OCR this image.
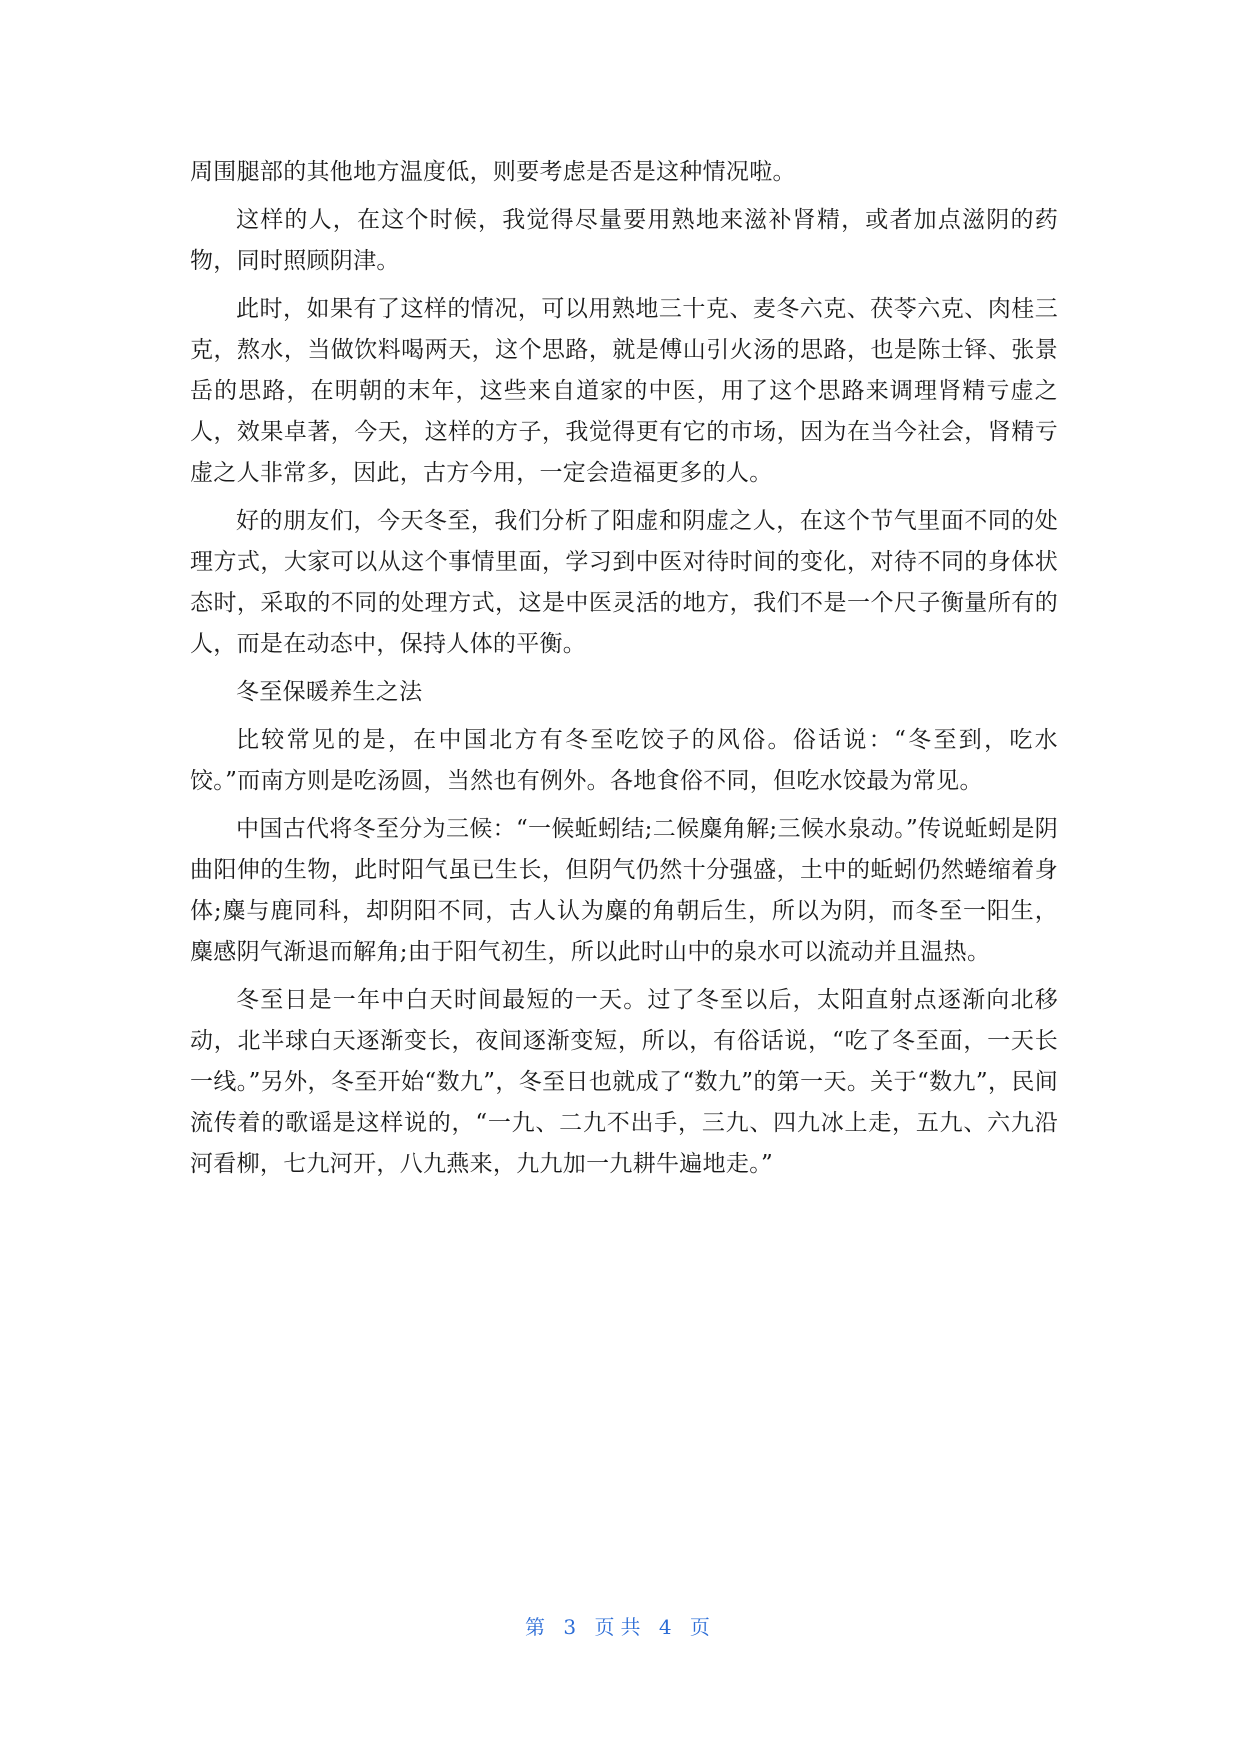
周围腿部的其他地方温度低，则要考虑是否是这种情况啦。

这样的人，在这个时候，我觉得尽量要用熟地来滋补肾精，或者加点滋阴的药物，同时照顾阴津。

此时，如果有了这样的情况，可以用熟地三十克、麦冬六克、茯苓六克、肉桂三克，熬水，当做饮料喝两天，这个思路，就是傅山引火汤的思路，也是陈士铎、张景岳的思路，在明朝的末年，这些来自道家的中医，用了这个思路来调理肾精亏虚之人，效果卓著，今天，这样的方子，我觉得更有它的市场，因为在当今社会，肾精亏虚之人非常多，因此，古方今用，一定会造福更多的人。

好的朋友们，今天冬至，我们分析了阳虚和阴虚之人，在这个节气里面不同的处理方式，大家可以从这个事情里面，学习到中医对待时间的变化，对待不同的身体状态时，采取的不同的处理方式，这是中医灵活的地方，我们不是一个尺子衡量所有的人，而是在动态中，保持人体的平衡。

冬至保暖养生之法

比较常见的是，在中国北方有冬至吃饺子的风俗。俗话说：“冬至到，吃水饺。”而南方则是吃汤圆，当然也有例外。各地食俗不同，但吃水饺最为常见。

中国古代将冬至分为三候：“一候蚯蚓结;二候麋角解;三候水泉动。”传说蚯蚓是阴曲阳伸的生物，此时阳气虽已生长，但阴气仍然十分强盛，土中的蚯蚓仍然蜷缩着身体;麋与鹿同科，却阴阳不同，古人认为麋的角朝后生，所以为阴，而冬至一阳生，麋感阴气渐退而解角;由于阳气初生，所以此时山中的泉水可以流动并且温热。

冬至日是一年中白天时间最短的一天。过了冬至以后，太阳直射点逐渐向北移动，北半球白天逐渐变长，夜间逐渐变短，所以，有俗话说，“吃了冬至面，一天长一线。”另外，冬至开始“数九”，冬至日也就成了“数九”的第一天。关于“数九”，民间流传着的歌谣是这样说的，“一九、二九不出手，三九、四九冰上走，五九、六九沿河看柳，七九河开，八九燕来，九九加一九耕牛遍地走。”

第 3 页共 4 页
